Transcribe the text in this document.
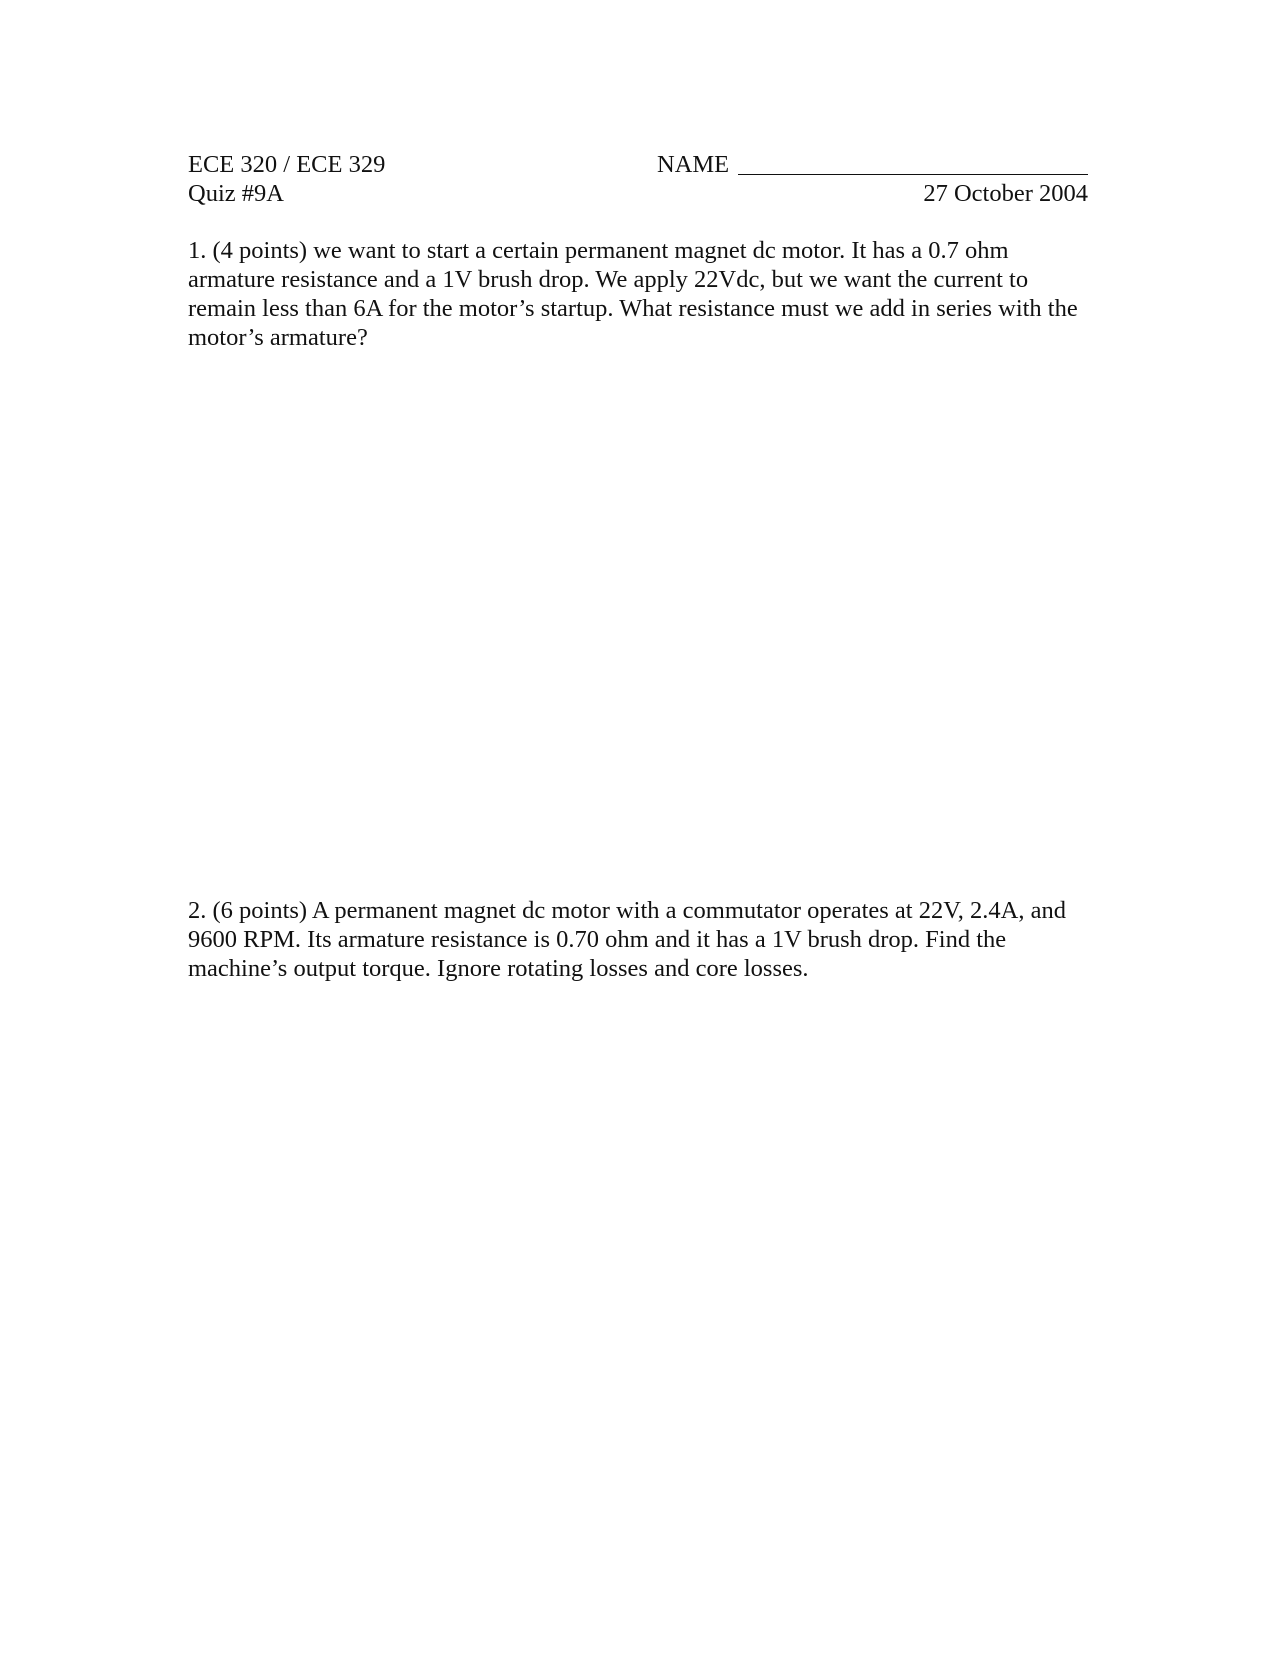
ECE 320 / ECE 329
Quiz #9A
NAME
27 October 2004
1. (4 points) we want to start a certain permanent magnet dc motor. It has a 0.7 ohm armature resistance and a 1V brush drop. We apply 22Vdc, but we want the current to remain less than 6A for the motor’s startup. What resistance must we add in series with the motor’s armature?
2. (6 points) A permanent magnet dc motor with a commutator operates at 22V, 2.4A, and 9600 RPM. Its armature resistance is 0.70 ohm and it has a 1V brush drop. Find the machine’s output torque. Ignore rotating losses and core losses.
